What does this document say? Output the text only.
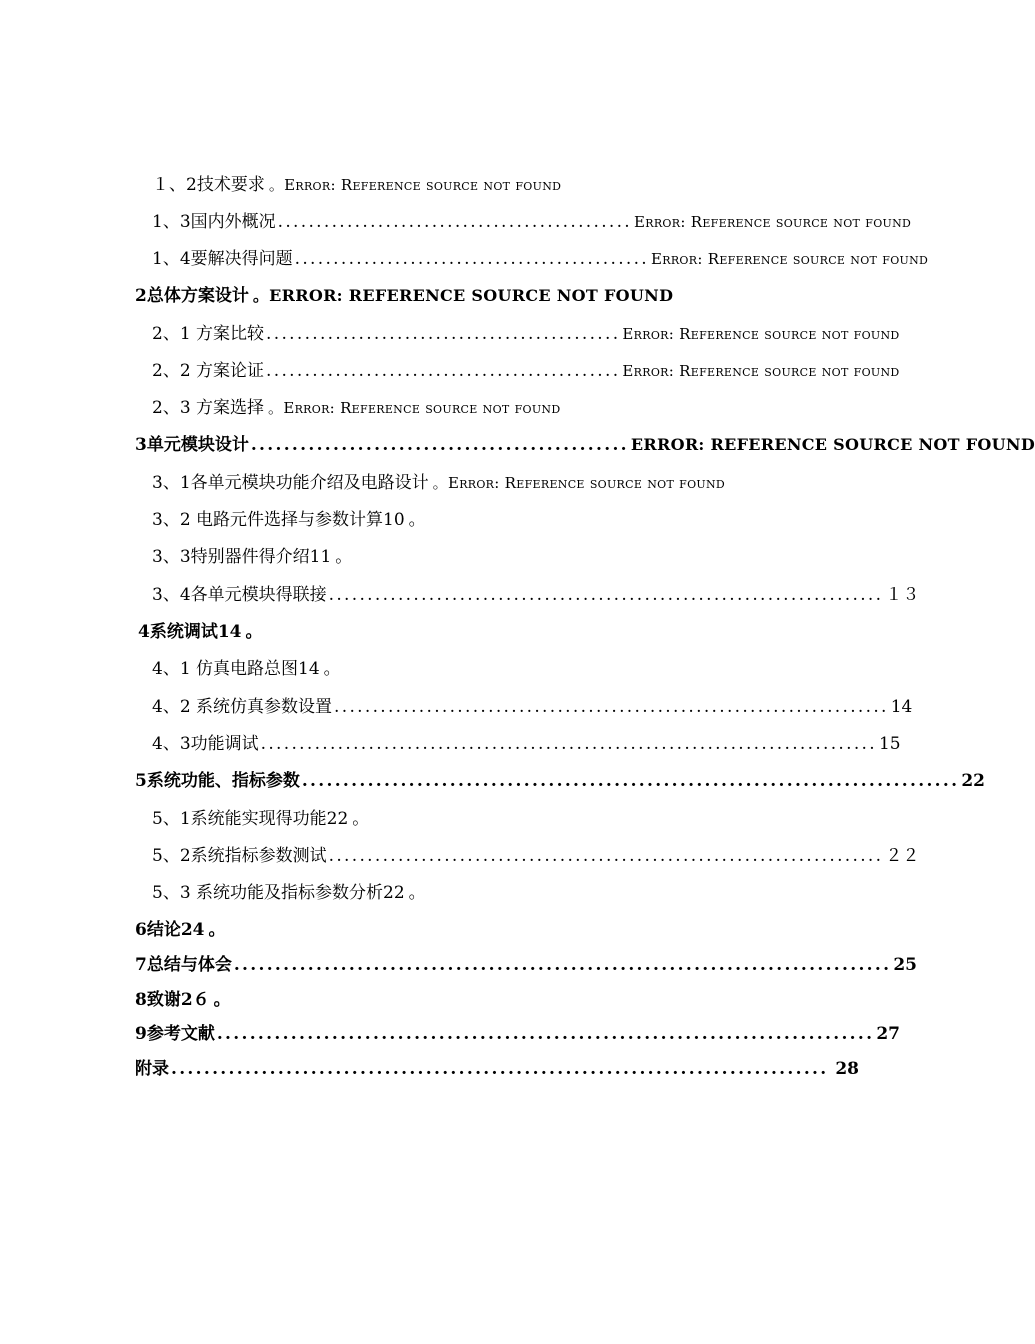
１、2技术要求 。Error: Reference source not found
1、3国内外概况 .............................................. Error: Reference source not found
1、4要解决得问题 .............................................. Error: Reference source not found
2总体方案设计 。ERROR: REFERENCE SOURCE NOT FOUND
2、1 方案比较 .............................................. Error: Reference source not found
2、2 方案论证 .............................................. Error: Reference source not found
2、3 方案选择 。Error: Reference source not found
3单元模块设计 .............................................. ERROR: REFERENCE SOURCE NOT FOUND
3、1各单元模块功能介绍及电路设计 。Error: Reference source not found
3、2 电路元件选择与参数计算10 。
3、3特别器件得介绍11 。
3、4各单元模块得联接 ........................................................................ １３
4系统调试14 。
4、1 仿真电路总图14 。
4、2 系统仿真参数设置 ........................................................................ 14
4、3功能调试 ................................................................................ 15
5系统功能、指标参数 ................................................................................ 22
5、1系统能实现得功能22 。
5、2系统指标参数测试 ........................................................................ ２２
5、3 系统功能及指标参数分析22 。
6结论24 。
7总结与体会 ................................................................................ 25
8致谢2６ 。
9参考文献 ................................................................................ 27
附录 ................................................................................ 28
